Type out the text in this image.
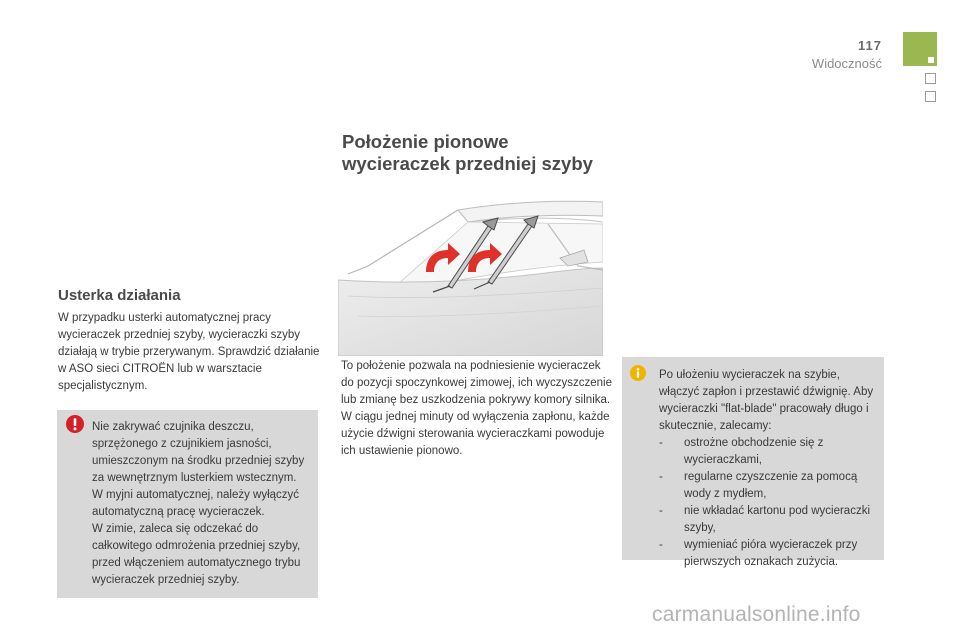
117
Widoczność
Usterka działania

W przypadku usterki automatycznej pracy wycieraczek przedniej szyby, wycieraczki szyby działają w trybie przerywanym. Sprawdzić działanie w ASO sieci CITROËN lub w warsztacie specjalistycznym.

Nie zakrywać czujnika deszczu, sprzężonego z czujnikiem jasności, umieszczonym na środku przedniej szyby za wewnętrznym lusterkiem wstecznym.
W myjni automatycznej, należy wyłączyć automatyczną pracę wycieraczek.
W zimie, zaleca się odczekać do całkowitego odmrożenia przedniej szyby, przed włączeniem automatycznego trybu wycieraczek przedniej szyby.
Położenie pionowe
wycieraczek przedniej szyby
To położenie pozwala na podniesienie wycieraczek do pozycji spoczynkowej zimowej, ich wyczyszczenie lub zmianę bez uszkodzenia pokrywy komory silnika.
W ciągu jednej minuty od wyłączenia zapłonu, każde użycie dźwigni sterowania wycieraczkami powoduje ich ustawienie pionowo.
Po ułożeniu wycieraczek na szybie, włączyć zapłon i przestawić dźwignię. Aby wycieraczki "flat-blade" pracowały długo i skutecznie, zalecamy:
- ostrożne obchodzenie się z wycieraczkami,
- regularne czyszczenie za pomocą wody z mydłem,
- nie wkładać kartonu pod wycieraczki szyby,
- wymieniać pióra wycieraczek przy pierwszych oznakach zużycia.
carmanualsonline.info
